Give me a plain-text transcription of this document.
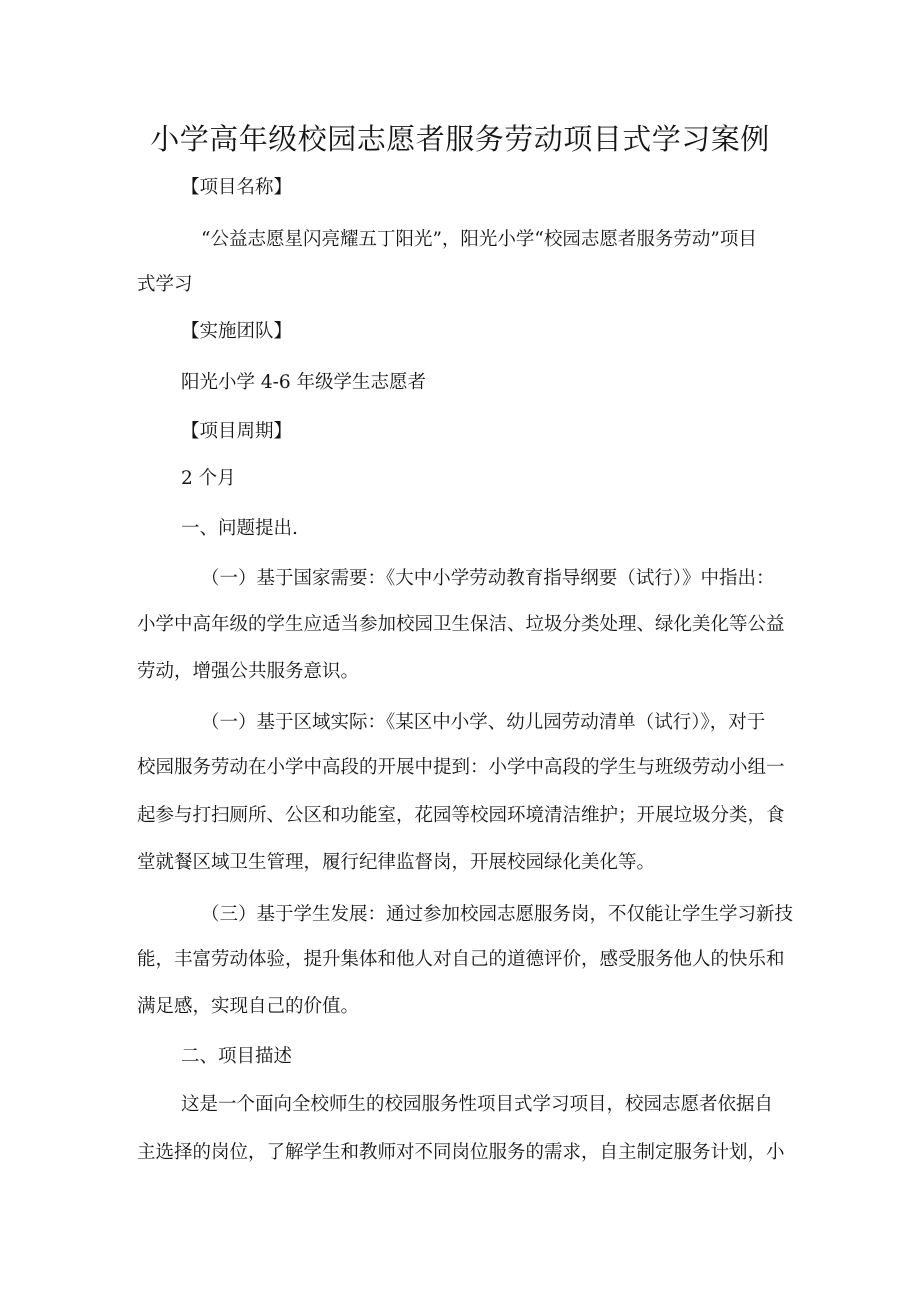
小学高年级校园志愿者服务劳动项目式学习案例
【项目名称】
“公益志愿星闪亮耀五丁阳光”，阳光小学“校园志愿者服务劳动”项目
式学习
【实施团队】
阳光小学 4-6 年级学生志愿者
【项目周期】
2 个月
一、问题提出.
（一）基于国家需要：《大中小学劳动教育指导纲要（试行）》中指出：
小学中高年级的学生应适当参加校园卫生保洁、垃圾分类处理、绿化美化等公益
劳动，增强公共服务意识。
（一）基于区域实际：《某区中小学、幼儿园劳动清单（试行）》，对于
校园服务劳动在小学中高段的开展中提到：小学中高段的学生与班级劳动小组一
起参与打扫厕所、公区和功能室，花园等校园环境清洁维护；开展垃圾分类，食
堂就餐区域卫生管理，履行纪律监督岗，开展校园绿化美化等。
（三）基于学生发展：通过参加校园志愿服务岗，不仅能让学生学习新技
能，丰富劳动体验，提升集体和他人对自己的道德评价，感受服务他人的快乐和
满足感，实现自己的价值。
二、项目描述
这是一个面向全校师生的校园服务性项目式学习项目，校园志愿者依据自
主选择的岗位，了解学生和教师对不同岗位服务的需求，自主制定服务计划，小
